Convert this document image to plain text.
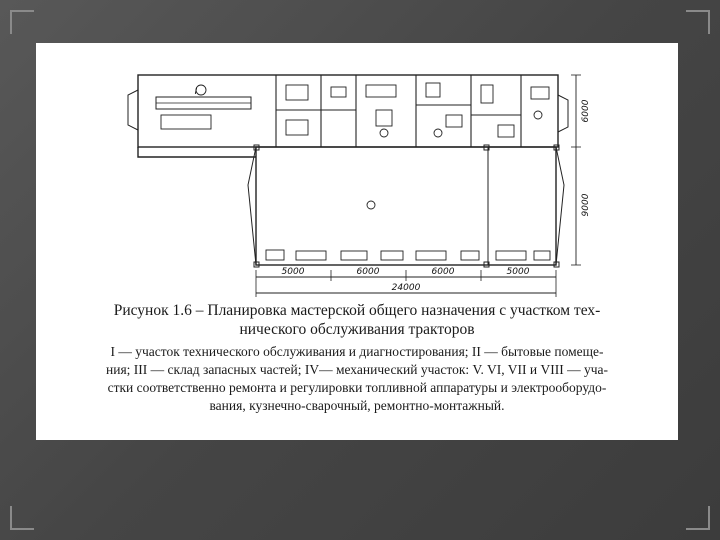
5000	6000	6000	5000
24000
6000
9000
I

Рисунок 1.6 – Планировка мастерской общего назначения с участком тех-

нического обслуживания тракторов

I — участок технического обслуживания и диагностирования; II — бытовые помеще-
ния; III — склад запасных частей; IV— механический участок: V. VI, VII и VIII — уча-
стки соответственно ремонта и регулировки топливной аппаратуры и электрооборудо-
вания, кузнечно-сварочный, ремонтно-монтажный.
